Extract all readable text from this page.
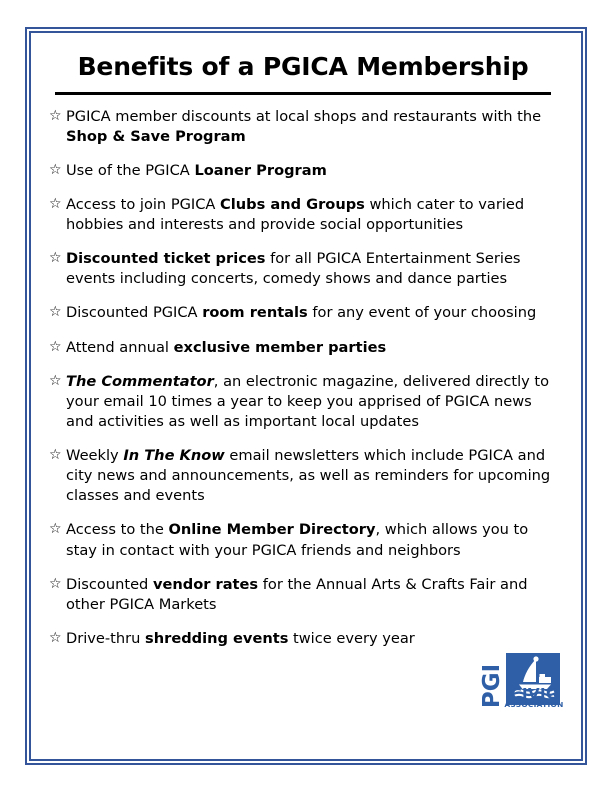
Benefits of a PGICA Membership
☆ PGICA member discounts at local shops and restaurants with the Shop & Save Program
☆ Use of the PGICA Loaner Program
☆ Access to join PGICA Clubs and Groups which cater to varied hobbies and interests and provide social opportunities
☆ Discounted ticket prices for all PGICA Entertainment Series events including concerts, comedy shows and dance parties
☆ Discounted PGICA room rentals for any event of your choosing
☆ Attend annual exclusive member parties
☆ The Commentator, an electronic magazine, delivered directly to your email 10 times a year to keep you apprised of PGICA news and activities as well as important local updates
☆ Weekly In The Know email newsletters which include PGICA and city news and announcements, as well as reminders for upcoming classes and events
☆ Access to the Online Member Directory, which allows you to stay in contact with your PGICA friends and neighbors
☆ Discounted vendor rates for the Annual Arts & Crafts Fair and other PGICA Markets
☆ Drive-thru shredding events twice every year
PGI CIVIC
ASSOCIATION
